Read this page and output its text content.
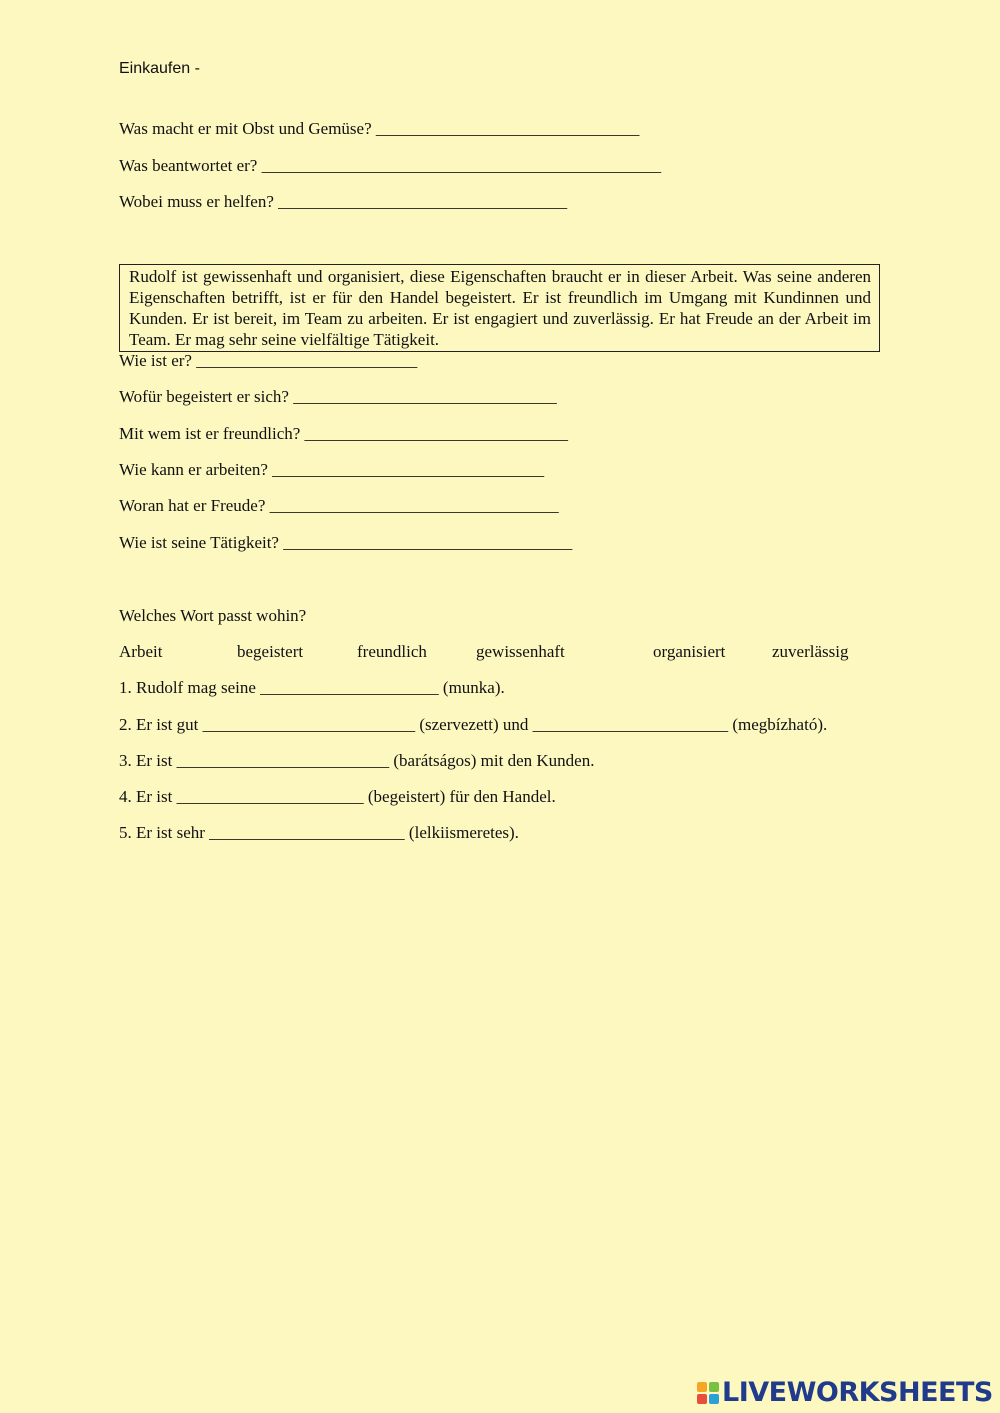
Einkaufen -
Was macht er mit Obst und Gemüse? _______________________________
Was beantwortet er? _______________________________________________
Wobei muss er helfen? __________________________________
Rudolf ist gewissenhaft und organisiert, diese Eigenschaften braucht er in dieser Arbeit. Was seine anderen Eigenschaften betrifft, ist er für den Handel begeistert. Er ist freundlich im Umgang mit Kundinnen und Kunden. Er ist bereit, im Team zu arbeiten. Er ist engagiert und zuverlässig. Er hat Freude an der Arbeit im Team. Er mag sehr seine vielfältige Tätigkeit.
Wie ist er? __________________________
Wofür begeistert er sich? _______________________________
Mit wem ist er freundlich? _______________________________
Wie kann er arbeiten? ________________________________
Woran hat er Freude? __________________________________
Wie ist seine Tätigkeit? __________________________________
Welches Wort passt wohin?
Arbeit	begeistert	freundlich	gewissenhaft	organisiert	zuverlässig
1. Rudolf mag seine _____________________ (munka).
2. Er ist gut _________________________ (szervezett) und _______________________ (megbízható).
3. Er ist _________________________ (barátságos) mit den Kunden.
4. Er ist ______________________ (begeistert) für den Handel.
5. Er ist sehr _______________________ (lelkiismeretes).
LIVEWORKSHEETS
